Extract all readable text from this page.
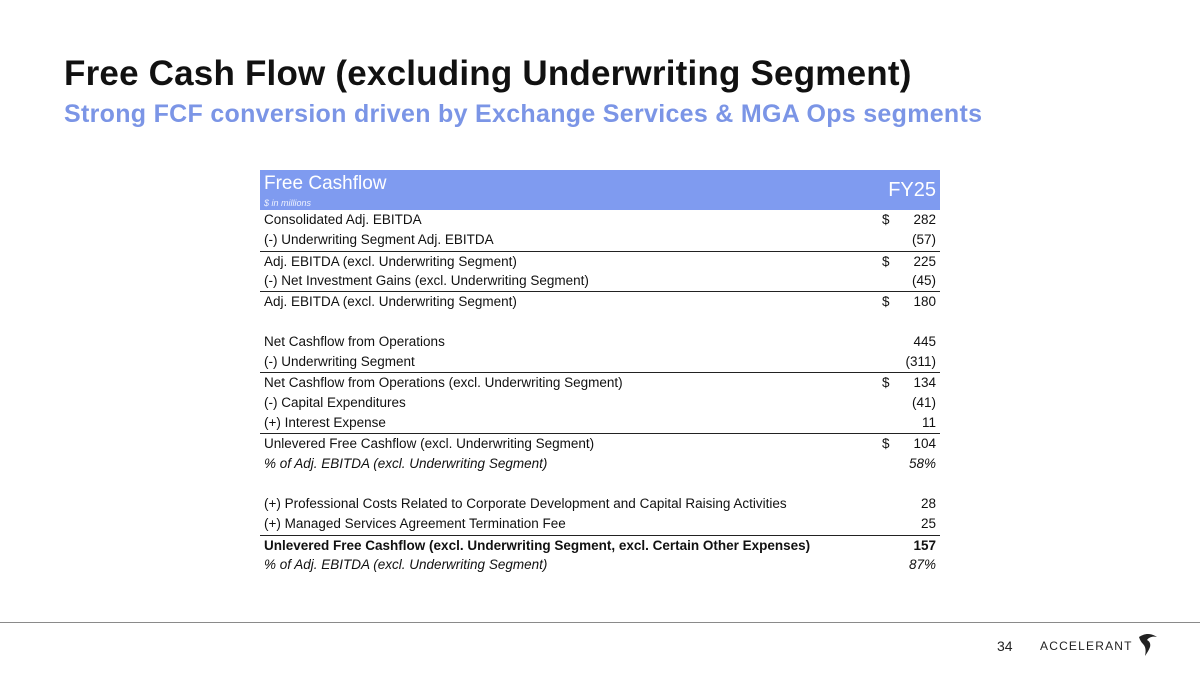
Free Cash Flow (excluding Underwriting Segment)
Strong FCF conversion driven by Exchange Services & MGA Ops segments
Free Cashflow
$ in millions
FY25
Consolidated Adj. EBITDA	$ 282
(-) Underwriting Segment Adj. EBITDA	(57)
Adj. EBITDA (excl. Underwriting Segment)	$ 225
(-) Net Investment Gains (excl. Underwriting Segment)	(45)
Adj. EBITDA (excl. Underwriting Segment)	$ 180
Net Cashflow from Operations	445
(-) Underwriting Segment	(311)
Net Cashflow from Operations (excl. Underwriting Segment)	$ 134
(-) Capital Expenditures	(41)
(+) Interest Expense	11
Unlevered Free Cashflow (excl. Underwriting Segment)	$ 104
% of Adj. EBITDA (excl. Underwriting Segment)	58%
(+) Professional Costs Related to Corporate Development and Capital Raising Activities	28
(+) Managed Services Agreement Termination Fee	25
Unlevered Free Cashflow (excl. Underwriting Segment, excl. Certain Other Expenses)	157
% of Adj. EBITDA (excl. Underwriting Segment)	87%
34 ACCELERANT
